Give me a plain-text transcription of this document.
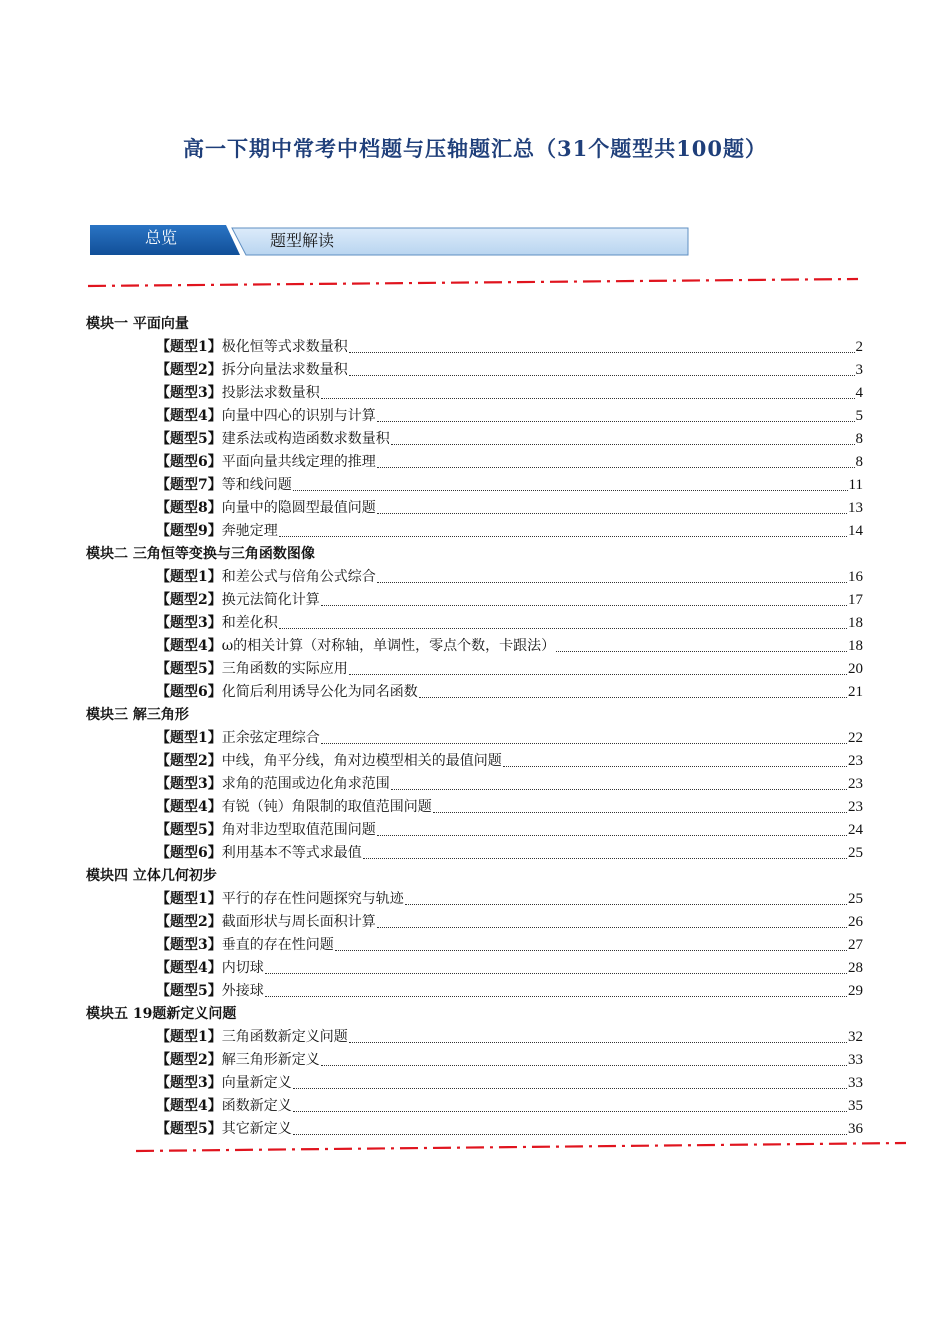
高一下期中常考中档题与压轴题汇总（31个题型共100题）
总览	题型解读
模块一 平面向量
【题型1】 极化恒等式求数量积	2
【题型2】 拆分向量法求数量积	3
【题型3】 投影法求数量积	4
【题型4】 向量中四心的识别与计算	5
【题型5】 建系法或构造函数求数量积	8
【题型6】 平面向量共线定理的推理	8
【题型7】 等和线问题	11
【题型8】 向量中的隐圆型最值问题	13
【题型9】 奔驰定理	14
模块二 三角恒等变换与三角函数图像
【题型1】 和差公式与倍角公式综合	16
【题型2】 换元法简化计算	17
【题型3】 和差化积	18
【题型4】 ω的相关计算（对称轴，单调性，零点个数，卡跟法）	18
【题型5】 三角函数的实际应用	20
【题型6】 化简后利用诱导公化为同名函数	21
模块三 解三角形
【题型1】 正余弦定理综合	22
【题型2】 中线，角平分线，角对边模型相关的最值问题	23
【题型3】 求角的范围或边化角求范围	23
【题型4】 有锐（钝）角限制的取值范围问题	23
【题型5】 角对非边型取值范围问题	24
【题型6】 利用基本不等式求最值	25
模块四 立体几何初步
【题型1】 平行的存在性问题探究与轨迹	25
【题型2】 截面形状与周长面积计算	26
【题型3】 垂直的存在性问题	27
【题型4】 内切球	28
【题型5】 外接球	29
模块五 19题新定义问题
【题型1】 三角函数新定义问题	32
【题型2】 解三角形新定义	33
【题型3】 向量新定义	33
【题型4】 函数新定义	35
【题型5】 其它新定义	36
